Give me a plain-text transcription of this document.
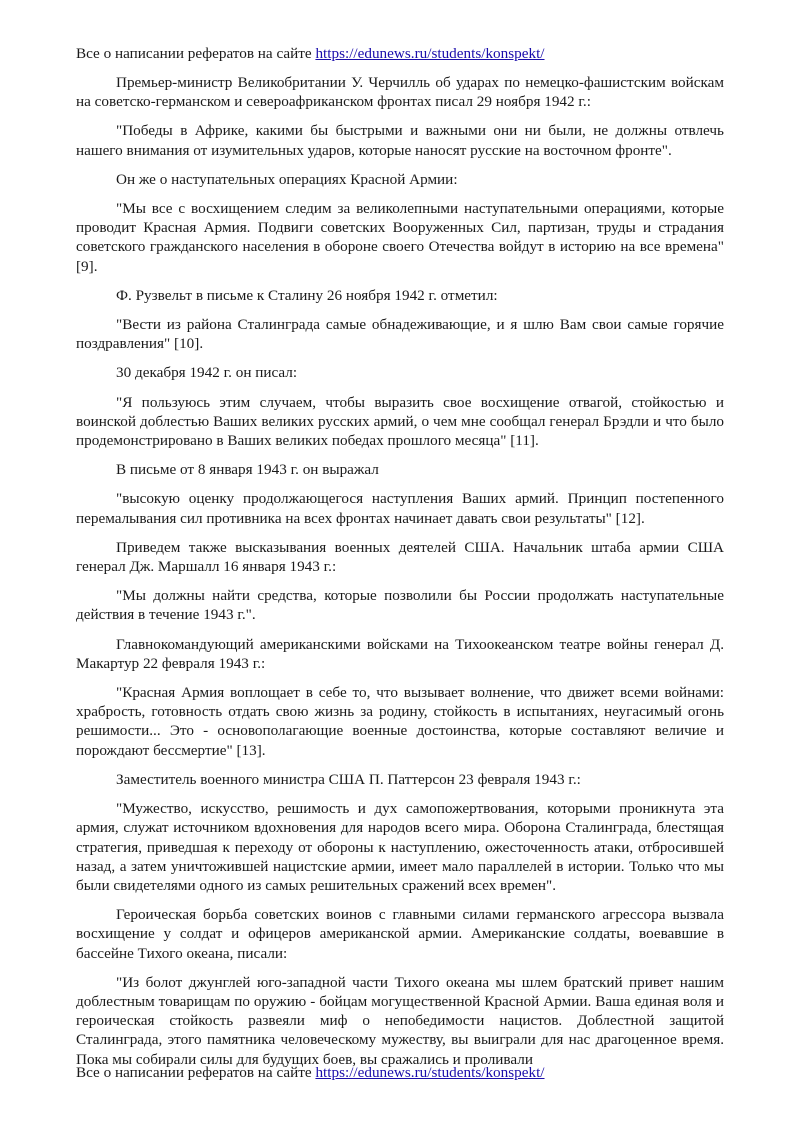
Все о написании рефератов на сайте https://edunews.ru/students/konspekt/

Премьер-министр Великобритании У. Черчилль об ударах по немецко-фашистским войскам на советско-германском и североафриканском фронтах писал 29 ноября 1942 г.:

"Победы в Африке, какими бы быстрыми и важными они ни были, не должны отвлечь нашего внимания от изумительных ударов, которые наносят русские на восточном фронте".

Он же о наступательных операциях Красной Армии:

"Мы все с восхищением следим за великолепными наступательными операциями, которые проводит Красная Армия. Подвиги советских Вооруженных Сил, партизан, труды и страдания советского гражданского населения в обороне своего Отечества войдут в историю на все времена" [9].

Ф. Рузвельт в письме к Сталину 26 ноября 1942 г. отметил:

"Вести из района Сталинграда самые обнадеживающие, и я шлю Вам свои самые горячие поздравления" [10].

30 декабря 1942 г. он писал:

"Я пользуюсь этим случаем, чтобы выразить свое восхищение отвагой, стойкостью и воинской доблестью Ваших великих русских армий, о чем мне сообщал генерал Брэдли и что было продемонстрировано в Ваших великих победах прошлого месяца" [11].

В письме от 8 января 1943 г. он выражал

"высокую оценку продолжающегося наступления Ваших армий. Принцип постепенного перемалывания сил противника на всех фронтах начинает давать свои результаты" [12].

Приведем также высказывания военных деятелей США. Начальник штаба армии США генерал Дж. Маршалл 16 января 1943 г.:

"Мы должны найти средства, которые позволили бы России продолжать наступательные действия в течение 1943 г.".

Главнокомандующий американскими войсками на Тихоокеанском театре войны генерал Д. Макартур 22 февраля 1943 г.:

"Красная Армия воплощает в себе то, что вызывает волнение, что движет всеми войнами: храбрость, готовность отдать свою жизнь за родину, стойкость в испытаниях, неугасимый огонь решимости... Это - основополагающие военные достоинства, которые составляют величие и порождают бессмертие" [13].

Заместитель военного министра США П. Паттерсон 23 февраля 1943 г.:

"Мужество, искусство, решимость и дух самопожертвования, которыми проникнута эта армия, служат источником вдохновения для народов всего мира. Оборона Сталинграда, блестящая стратегия, приведшая к переходу от обороны к наступлению, ожесточенность атаки, отбросившей назад, а затем уничтожившей нацистские армии, имеет мало параллелей в истории. Только что мы были свидетелями одного из самых решительных сражений всех времен".

Героическая борьба советских воинов с главными силами германского агрессора вызвала восхищение у солдат и офицеров американской армии. Американские солдаты, воевавшие в бассейне Тихого океана, писали:

"Из болот джунглей юго-западной части Тихого океана мы шлем братский привет нашим доблестным товарищам по оружию - бойцам могущественной Красной Армии. Ваша единая воля и героическая стойкость развеяли миф о непобедимости нацистов. Доблестной защитой Сталинграда, этого памятника человеческому мужеству, вы выиграли для нас драгоценное время. Пока мы собирали силы для будущих боев, вы сражались и проливали

Все о написании рефератов на сайте https://edunews.ru/students/konspekt/
